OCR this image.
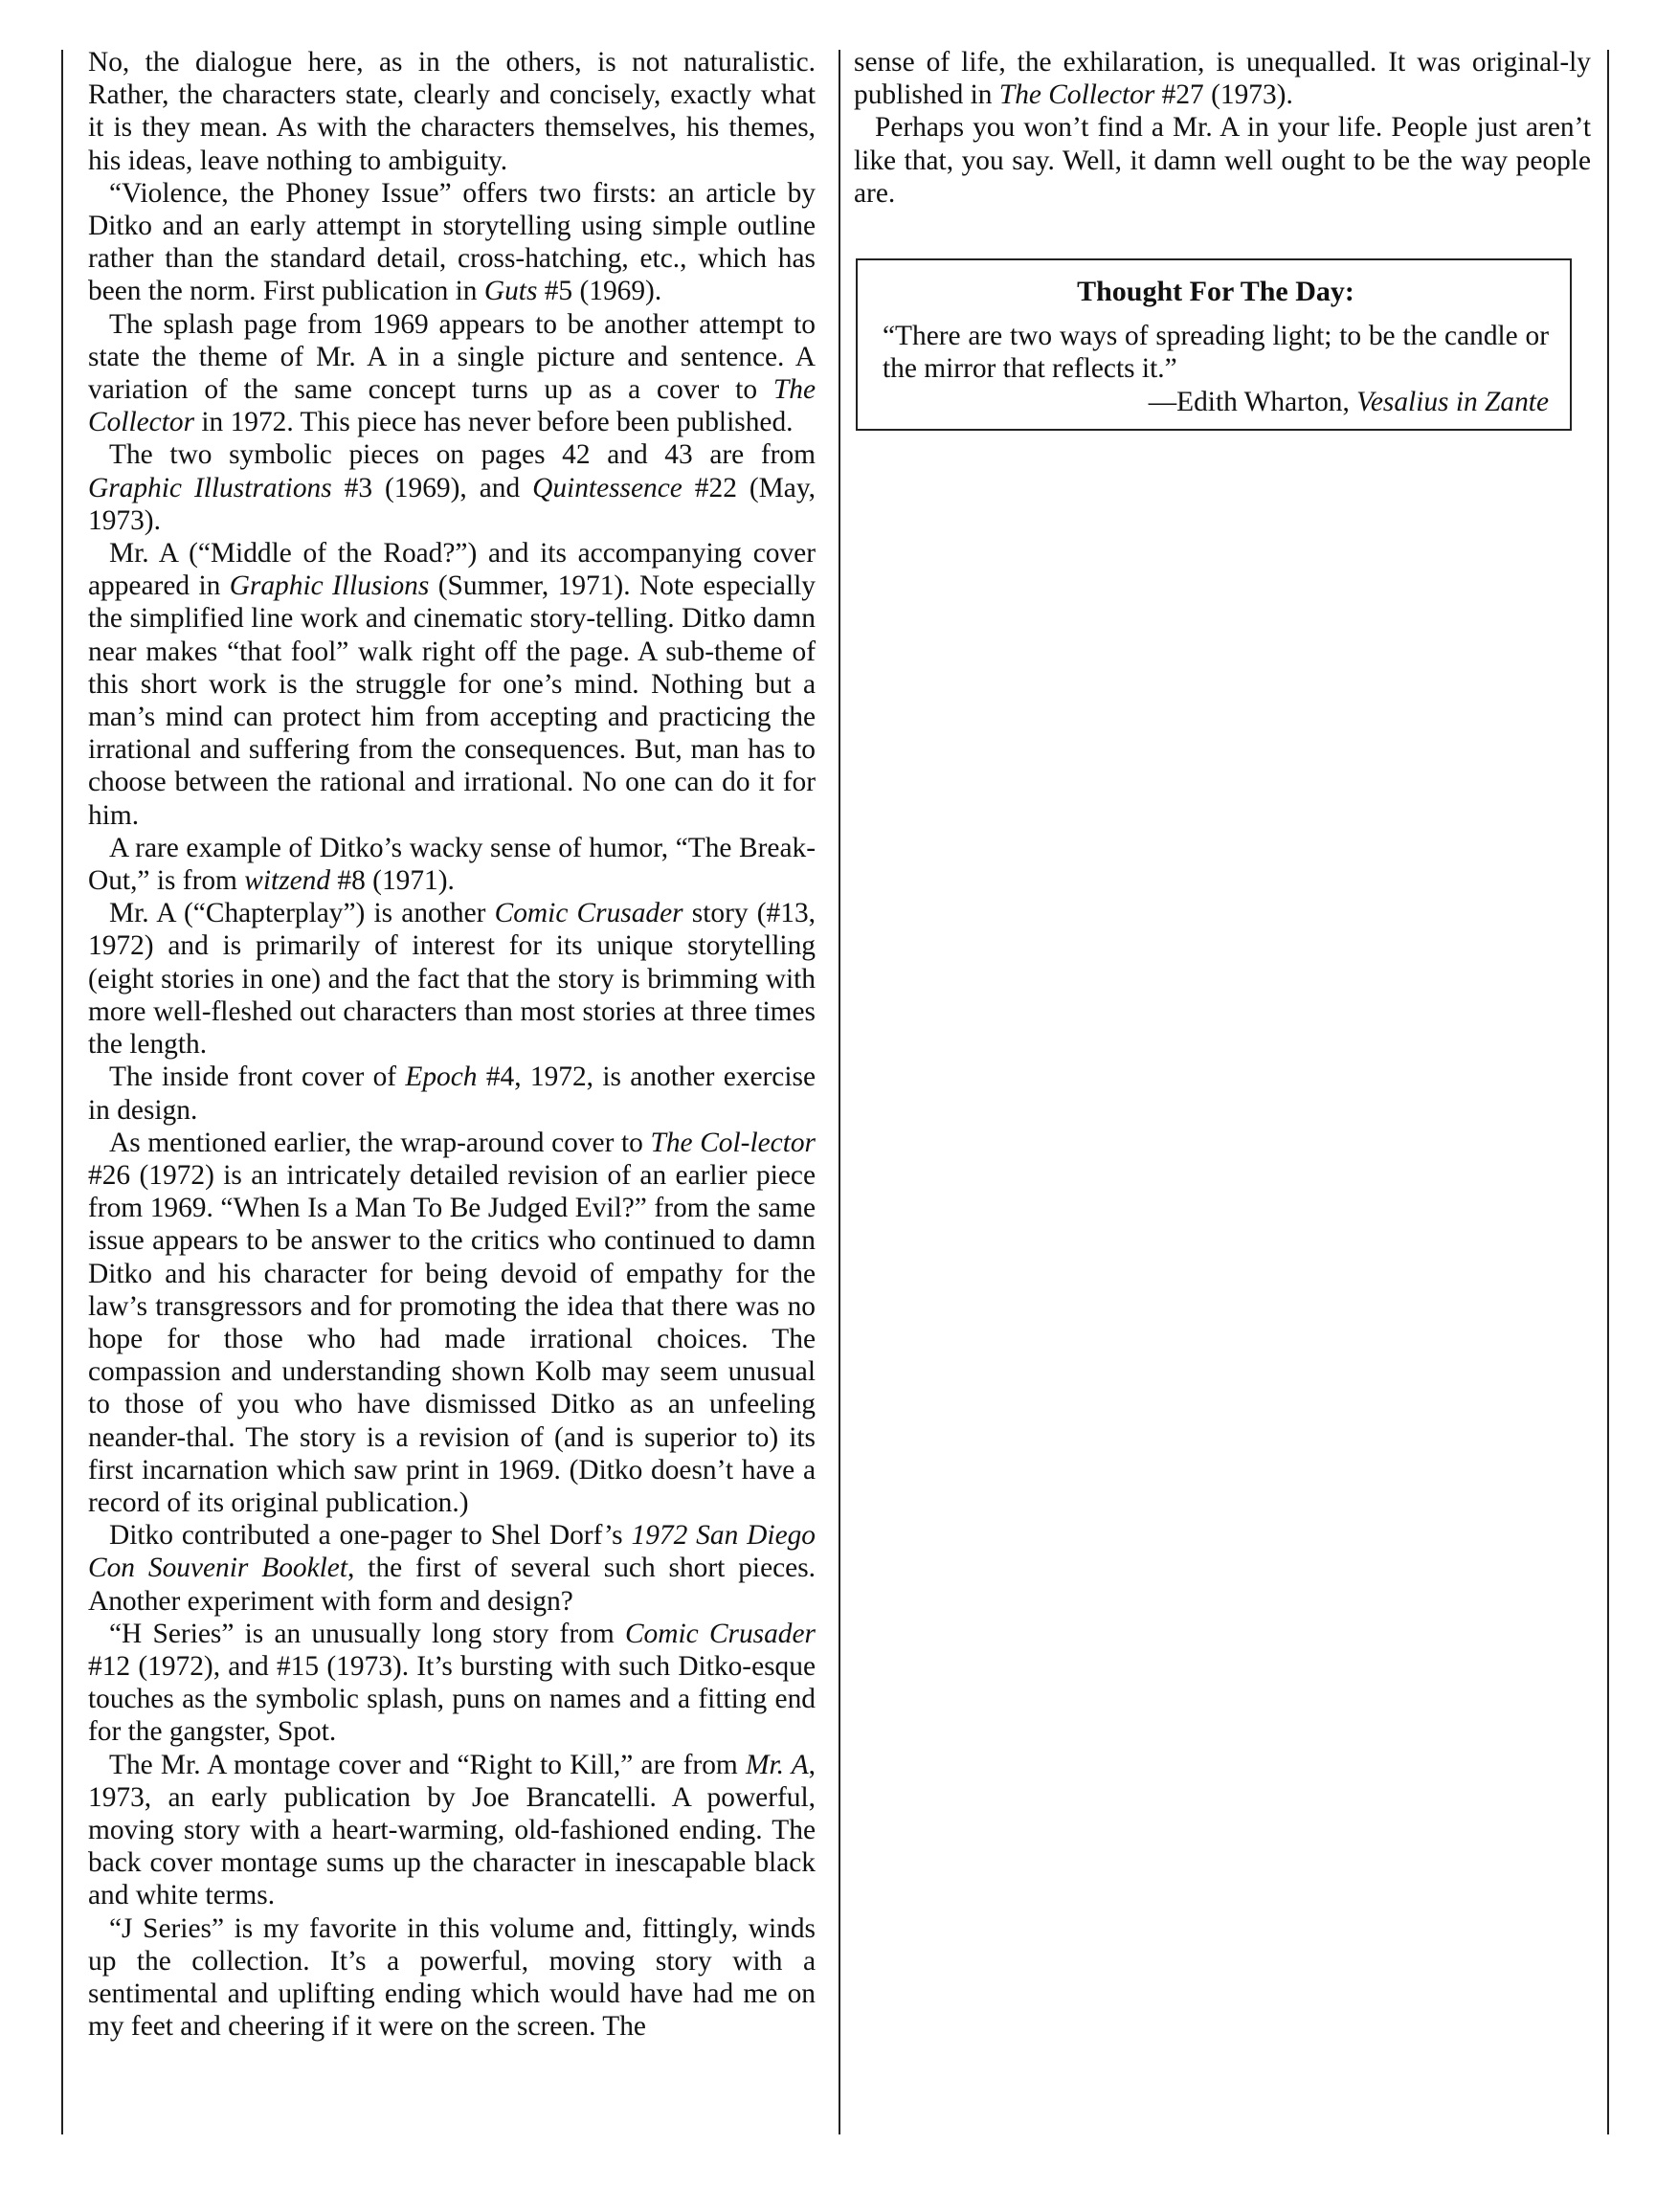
No, the dialogue here, as in the others, is not naturalistic. Rather, the characters state, clearly and concisely, exactly what it is they mean. As with the characters themselves, his themes, his ideas, leave nothing to ambiguity.

“Violence, the Phoney Issue” offers two firsts: an article by Ditko and an early attempt in storytelling using simple outline rather than the standard detail, cross-hatching, etc., which has been the norm. First publication in Guts #5 (1969).

The splash page from 1969 appears to be another attempt to state the theme of Mr. A in a single picture and sentence. A variation of the same concept turns up as a cover to The Collector in 1972. This piece has never before been published.

The two symbolic pieces on pages 42 and 43 are from Graphic Illustrations #3 (1969), and Quintessence #22 (May, 1973).

Mr. A (“Middle of the Road?”) and its accompanying cover appeared in Graphic Illusions (Summer, 1971). Note especially the simplified line work and cinematic story-telling. Ditko damn near makes “that fool” walk right off the page. A sub-theme of this short work is the struggle for one’s mind. Nothing but a man’s mind can protect him from accepting and practicing the irrational and suffering from the consequences. But, man has to choose between the rational and irrational. No one can do it for him.

A rare example of Ditko’s wacky sense of humor, “The Break-Out,” is from witzend #8 (1971).

Mr. A (“Chapterplay”) is another Comic Crusader story (#13, 1972) and is primarily of interest for its unique storytelling (eight stories in one) and the fact that the story is brimming with more well-fleshed out characters than most stories at three times the length.

The inside front cover of Epoch #4, 1972, is another exercise in design.

As mentioned earlier, the wrap-around cover to The Col-lector #26 (1972) is an intricately detailed revision of an earlier piece from 1969. “When Is a Man To Be Judged Evil?” from the same issue appears to be answer to the critics who continued to damn Ditko and his character for being devoid of empathy for the law’s transgressors and for promoting the idea that there was no hope for those who had made irrational choices. The compassion and understanding shown Kolb may seem unusual to those of you who have dismissed Ditko as an unfeeling neander-thal. The story is a revision of (and is superior to) its first incarnation which saw print in 1969. (Ditko doesn’t have a record of its original publication.)

Ditko contributed a one-pager to Shel Dorf’s 1972 San Diego Con Souvenir Booklet, the first of several such short pieces. Another experiment with form and design?

“H Series” is an unusually long story from Comic Crusader #12 (1972), and #15 (1973). It’s bursting with such Ditko-esque touches as the symbolic splash, puns on names and a fitting end for the gangster, Spot.

The Mr. A montage cover and “Right to Kill,” are from Mr. A, 1973, an early publication by Joe Brancatelli. A powerful, moving story with a heart-warming, old-fashioned ending. The back cover montage sums up the character in inescapable black and white terms.

“J Series” is my favorite in this volume and, fittingly, winds up the collection. It’s a powerful, moving story with a sentimental and uplifting ending which would have had me on my feet and cheering if it were on the screen. The

sense of life, the exhilaration, is unequalled. It was original-ly published in The Collector #27 (1973).

Perhaps you won’t find a Mr. A in your life. People just aren’t like that, you say. Well, it damn well ought to be the way people are.

Thought For The Day:

“There are two ways of spreading light; to be the candle or the mirror that reflects it.”

—Edith Wharton, Vesalius in Zante
